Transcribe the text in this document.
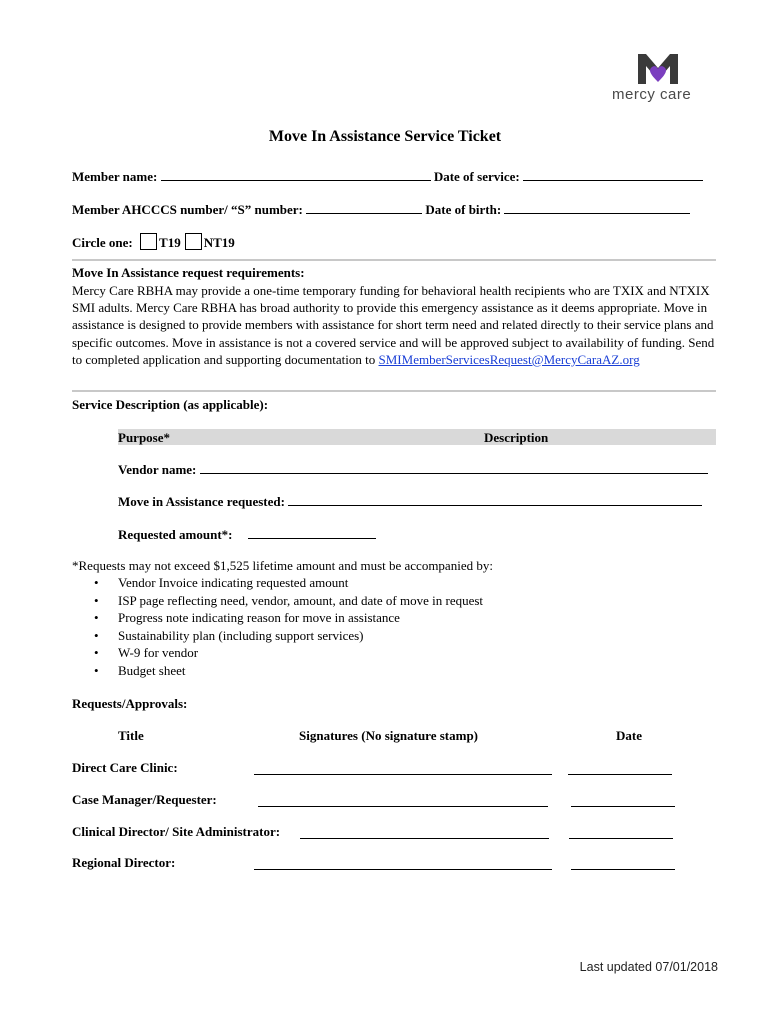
mercy care
Move In Assistance Service Ticket
Member name:	Date of service:
Member AHCCCS number/ “S” number:	Date of birth:
Circle one: T19 NT19
Move In Assistance request requirements:
Mercy Care RBHA may provide a one-time temporary funding for behavioral health recipients who are TXIX and NTXIX SMI adults. Mercy Care RBHA has broad authority to provide this emergency assistance as it deems appropriate. Move in assistance is designed to provide members with assistance for short term need and related directly to their service plans and specific outcomes. Move in assistance is not a covered service and will be approved subject to availability of funding. Send to completed application and supporting documentation to SMIMemberServicesRequest@MercyCaraAZ.org
Service Description (as applicable):
Purpose*	Description
Vendor name:
Move in Assistance requested:
Requested amount*:
*Requests may not exceed $1,525 lifetime amount and must be accompanied by:
• Vendor Invoice indicating requested amount
• ISP page reflecting need, vendor, amount, and date of move in request
• Progress note indicating reason for move in assistance
• Sustainability plan (including support services)
• W-9 for vendor
• Budget sheet
Requests/Approvals:
Title	Signatures (No signature stamp)	Date
Direct Care Clinic:
Case Manager/Requester:
Clinical Director/ Site Administrator:
Regional Director:
Last updated 07/01/2018
